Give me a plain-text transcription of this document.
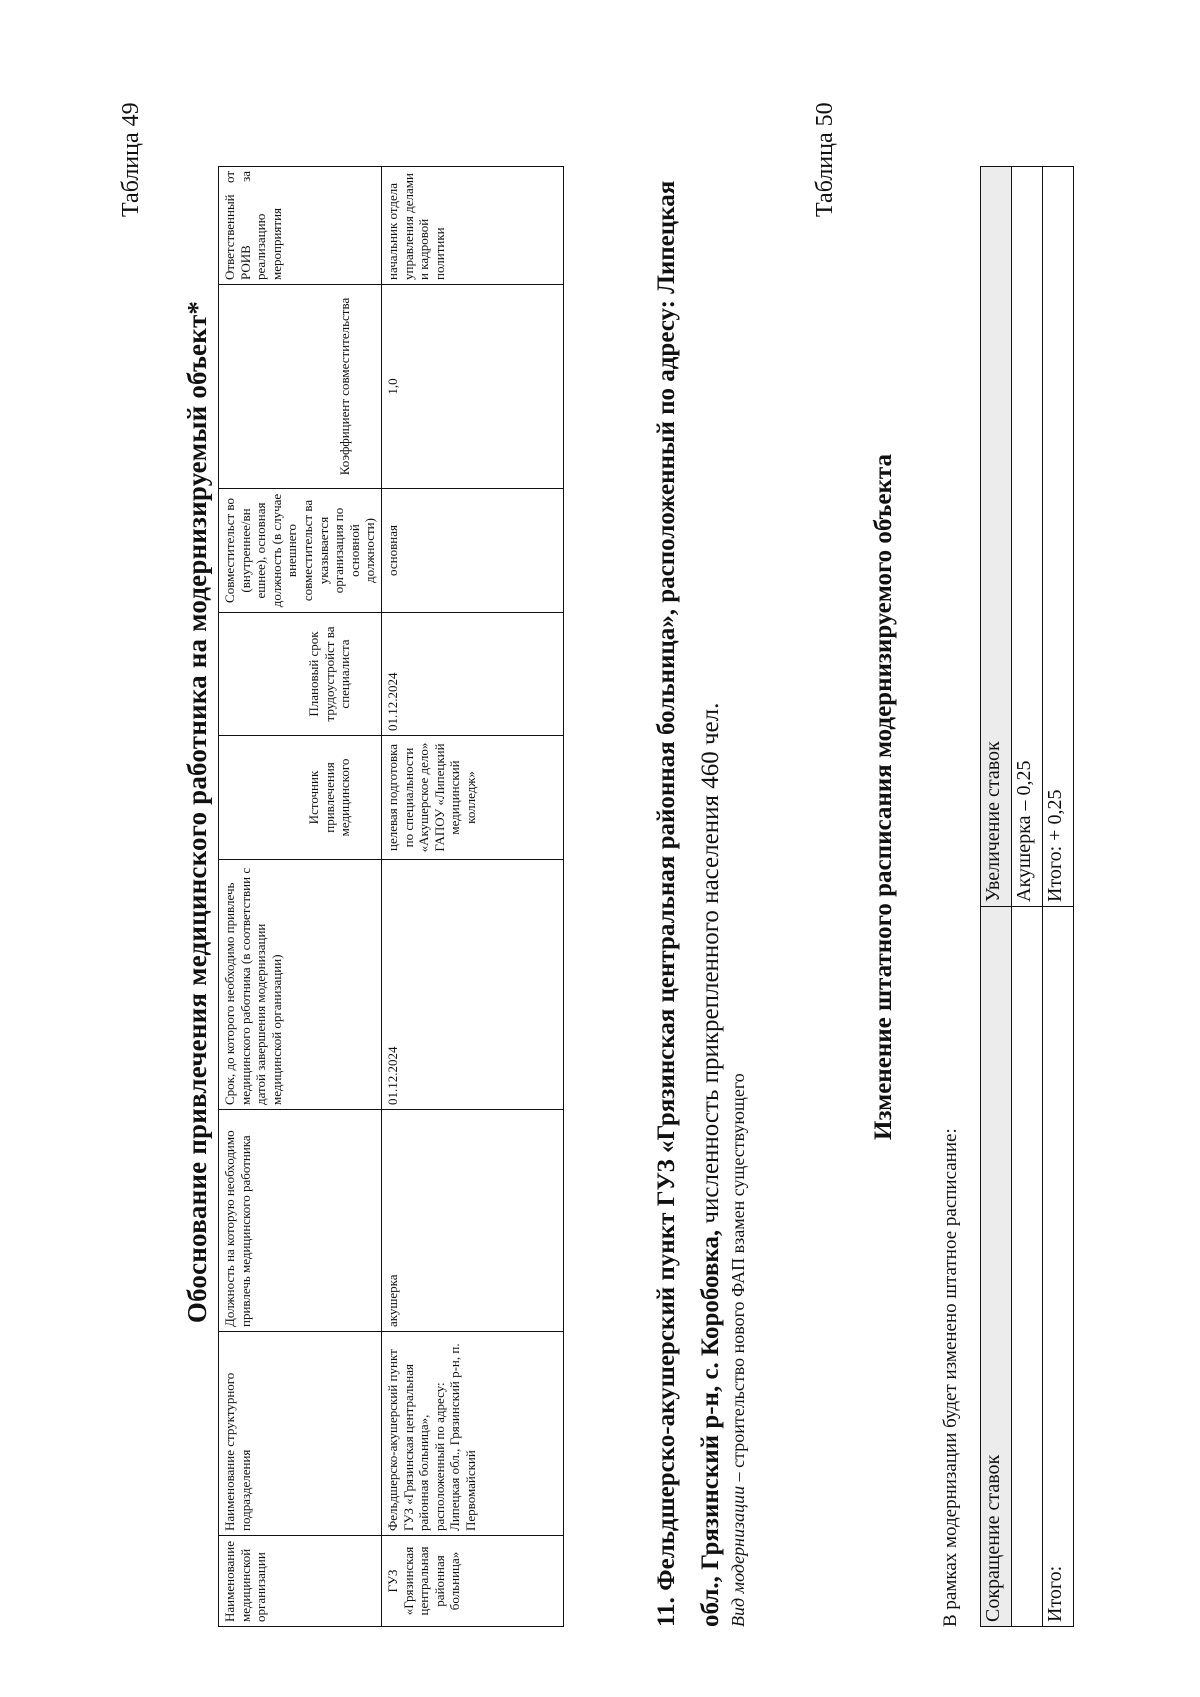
Таблица 49
Обоснование привлечения медицинского работника на модернизируемый объект*
Наименование медицинской организации	Наименование структурного подразделения	Должность на которую необходимо привлечь медицинского работника	Срок, до которого необходимо привлечь медицинского работника (в соответствии с датой завершения модернизации медицинской организации)	Источник привлечения медицинского	Плановый срок трудоустройст ва специалиста	Совместительст во (внутреннее/вн ешнее), основная должность (в случае внешнего совместительст ва указывается организация по основной должности)	Коэффициент совместительства	Ответственный от РОИВ за реализацию мероприятия
ГУЗ «Грязинская центральная районная больница»	Фельдшерско-акушерский пункт ГУЗ «Грязинская центральная районная больница», расположенный по адресу: Липецкая обл., Грязинский р-н, п. Первомайский	акушерка	01.12.2024	целевая подготовка по специальности «Акушерское дело» ГАПОУ «Липецкий медицинский колледж»	01.12.2024	основная	1,0	начальник отдела управления делами и кадровой политики	11. Фельдшерско-акушерский пункт ГУЗ «Грязинская центральная районная больница», расположенный по адресу: Липецкая обл., Грязинский р-н, с. Коробовка, численность прикрепленного населения 460 чел.
Вид модернизации – строительство нового ФАП взамен существующего
Таблица 50
Изменение штатного расписания модернизируемого объекта
В рамках модернизации будет изменено штатное расписание: Сокращение ставок	Увеличение ставок
	Акушерка – 0,25
Итого:	Итого: + 0,25
